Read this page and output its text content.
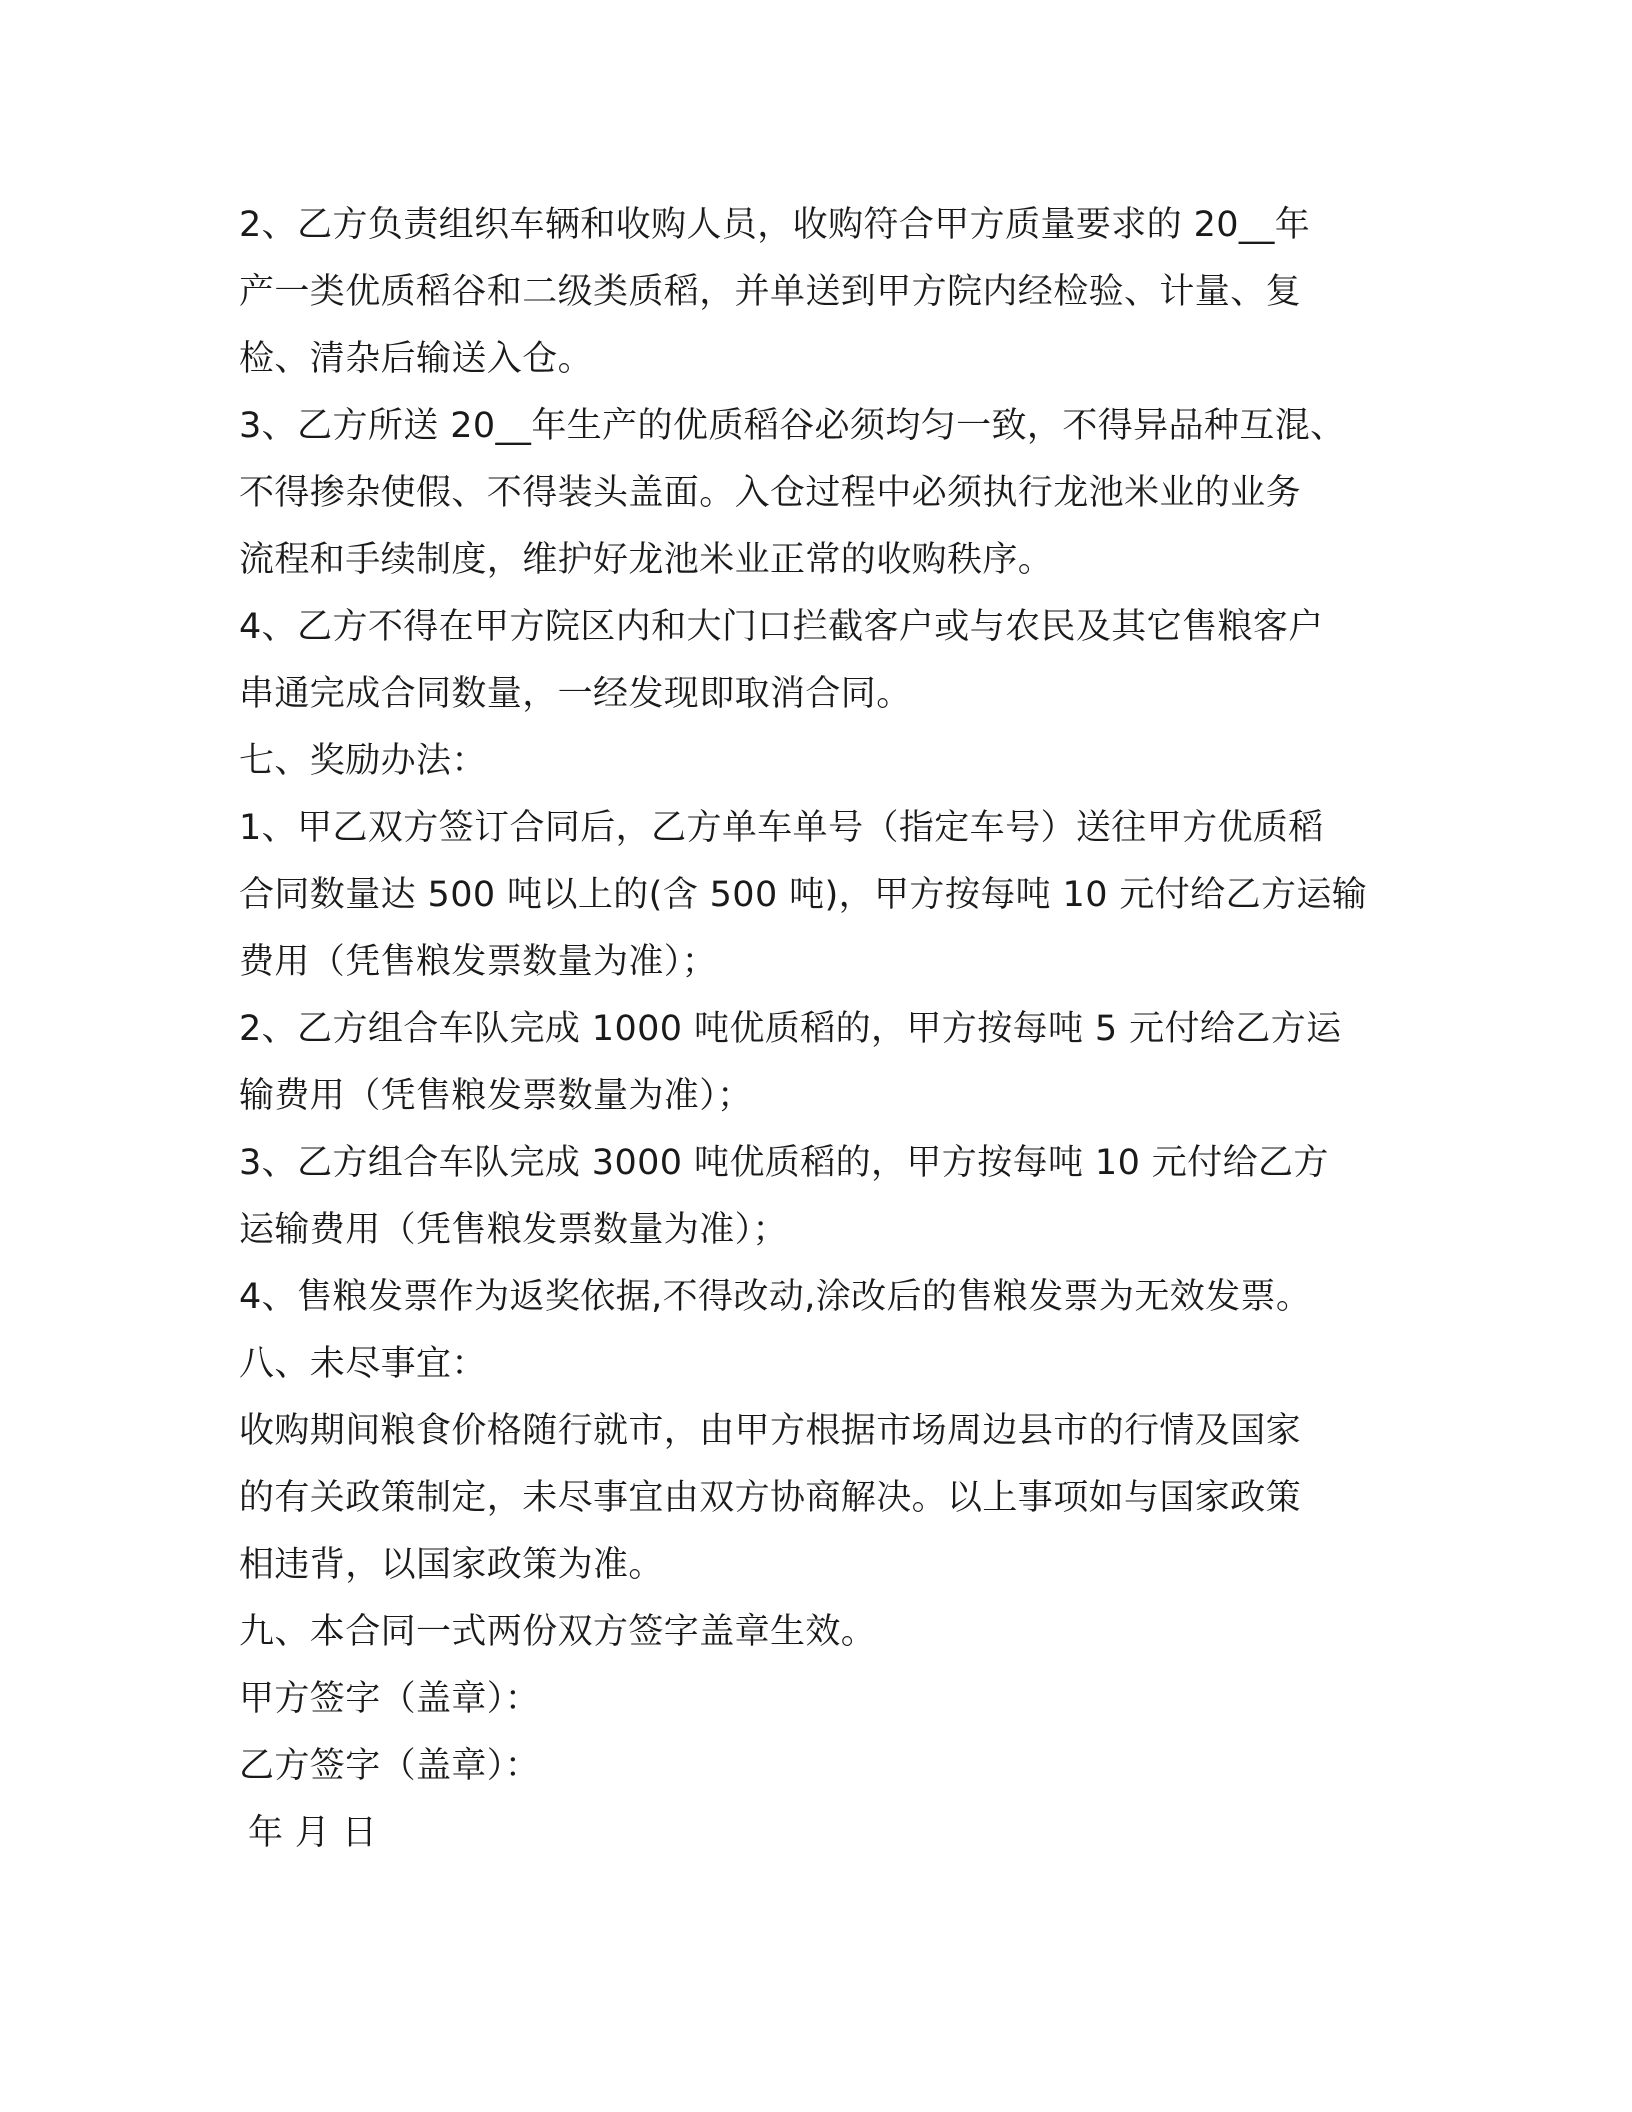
2、乙方负责组织车辆和收购人员，收购符合甲方质量要求的 20__年
产一类优质稻谷和二级类质稻，并单送到甲方院内经检验、计量、复
检、清杂后输送入仓。
3、乙方所送 20__年生产的优质稻谷必须均匀一致，不得异品种互混、
不得掺杂使假、不得装头盖面。入仓过程中必须执行龙池米业的业务
流程和手续制度，维护好龙池米业正常的收购秩序。
4、乙方不得在甲方院区内和大门口拦截客户或与农民及其它售粮客户
串通完成合同数量，一经发现即取消合同。
七、奖励办法：
1、甲乙双方签订合同后，乙方单车单号（指定车号）送往甲方优质稻
合同数量达 500 吨以上的(含 500 吨)，甲方按每吨 10 元付给乙方运输
费用（凭售粮发票数量为准）；
2、乙方组合车队完成 1000 吨优质稻的，甲方按每吨 5 元付给乙方运
输费用（凭售粮发票数量为准）；
3、乙方组合车队完成 3000 吨优质稻的，甲方按每吨 10 元付给乙方
运输费用（凭售粮发票数量为准）；
4、售粮发票作为返奖依据,不得改动,涂改后的售粮发票为无效发票。
八、未尽事宜：
收购期间粮食价格随行就市，由甲方根据市场周边县市的行情及国家
的有关政策制定，未尽事宜由双方协商解决。以上事项如与国家政策
相违背，以国家政策为准。
九、本合同一式两份双方签字盖章生效。
甲方签字（盖章）：
乙方签字（盖章）：
年 月 日
